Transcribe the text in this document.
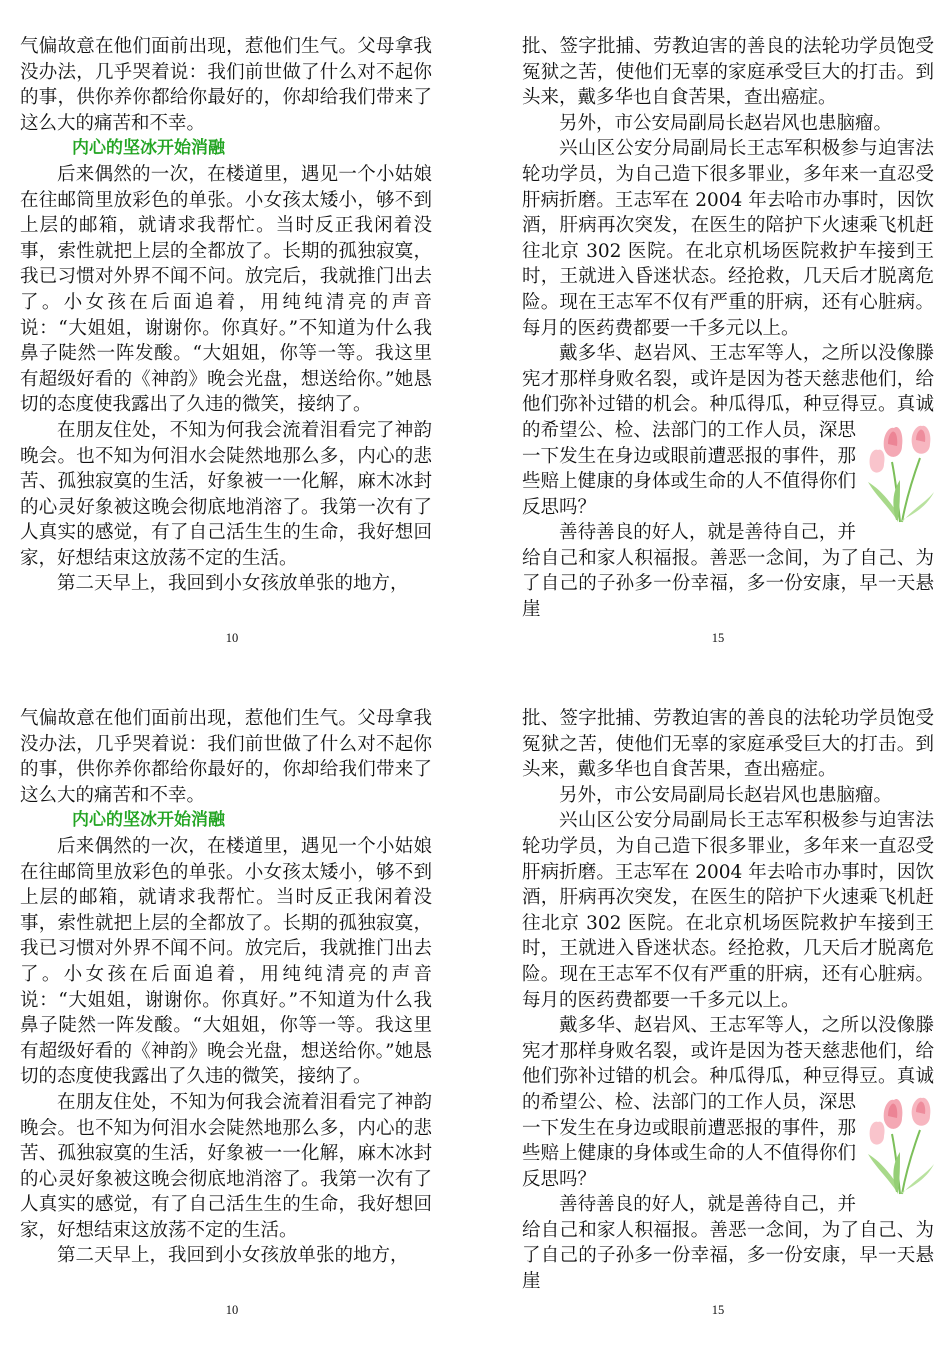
气偏故意在他们面前出现，惹他们生气。父母拿我没办法，几乎哭着说：我们前世做了什么对不起你的事，供你养你都给你最好的，你却给我们带来了这么大的痛苦和不幸。

内心的坚冰开始消融

后来偶然的一次，在楼道里，遇见一个小姑娘在往邮筒里放彩色的单张。小女孩太矮小，够不到上层的邮箱，就请求我帮忙。当时反正我闲着没事，索性就把上层的全都放了。长期的孤独寂寞，我已习惯对外界不闻不问。放完后，我就推门出去了。小女孩在后面追着，用纯纯清亮的声音说：“大姐姐，谢谢你。你真好。”不知道为什么我鼻子陡然一阵发酸。“大姐姐，你等一等。我这里有超级好看的《神韵》晚会光盘，想送给你。”她恳切的态度使我露出了久违的微笑，接纳了。

在朋友住处，不知为何我会流着泪看完了神韵晚会。也不知为何泪水会陡然地那么多，内心的悲苦、孤独寂寞的生活，好象被一一化解，麻木冰封的心灵好象被这晚会彻底地消溶了。我第一次有了人真实的感觉，有了自己活生生的生命，我好想回家，好想结束这放荡不定的生活。

第二天早上，我回到小女孩放单张的地方，

10

批、签字批捕、劳教迫害的善良的法轮功学员饱受冤狱之苦，使他们无辜的家庭承受巨大的打击。到头来，戴多华也自食苦果，查出癌症。

另外，市公安局副局长赵岩风也患脑瘤。

兴山区公安分局副局长王志军积极参与迫害法轮功学员，为自己造下很多罪业，多年来一直忍受肝病折磨。王志军在 2004 年去哈市办事时，因饮酒，肝病再次突发，在医生的陪护下火速乘飞机赶往北京 302 医院。在北京机场医院救护车接到王时，王就进入昏迷状态。经抢救，几天后才脱离危险。现在王志军不仅有严重的肝病，还有心脏病。每月的医药费都要一千多元以上。

戴多华、赵岩风、王志军等人，之所以没像滕宪才那样身败名裂，或许是因为苍天慈悲他们，给他们弥补过错的机会。种瓜得瓜，种豆得豆。真诚的希
望公、检、法部门的工作人员，深思一下发生在身边或眼前遭恶报的事件，那些赔上健康的身体或生命的人不值得你们反思吗？

善待善良的好人，就是善待自己，并给自己和家人积福报。善恶一念间，为了自己、为了自己的子孙多一份幸福，多一份安康，早一天悬崖

15

气偏故意在他们面前出现，惹他们生气。父母拿我没办法，几乎哭着说：我们前世做了什么对不起你的事，供你养你都给你最好的，你却给我们带来了这么大的痛苦和不幸。

内心的坚冰开始消融

后来偶然的一次，在楼道里，遇见一个小姑娘在往邮筒里放彩色的单张。小女孩太矮小，够不到上层的邮箱，就请求我帮忙。当时反正我闲着没事，索性就把上层的全都放了。长期的孤独寂寞，我已习惯对外界不闻不问。放完后，我就推门出去了。小女孩在后面追着，用纯纯清亮的声音说：“大姐姐，谢谢你。你真好。”不知道为什么我鼻子陡然一阵发酸。“大姐姐，你等一等。我这里有超级好看的《神韵》晚会光盘，想送给你。”她恳切的态度使我露出了久违的微笑，接纳了。

在朋友住处，不知为何我会流着泪看完了神韵晚会。也不知为何泪水会陡然地那么多，内心的悲苦、孤独寂寞的生活，好象被一一化解，麻木冰封的心灵好象被这晚会彻底地消溶了。我第一次有了人真实的感觉，有了自己活生生的生命，我好想回家，好想结束这放荡不定的生活。

第二天早上，我回到小女孩放单张的地方，

10

批、签字批捕、劳教迫害的善良的法轮功学员饱受冤狱之苦，使他们无辜的家庭承受巨大的打击。到头来，戴多华也自食苦果，查出癌症。

另外，市公安局副局长赵岩风也患脑瘤。

兴山区公安分局副局长王志军积极参与迫害法轮功学员，为自己造下很多罪业，多年来一直忍受肝病折磨。王志军在 2004 年去哈市办事时，因饮酒，肝病再次突发，在医生的陪护下火速乘飞机赶往北京 302 医院。在北京机场医院救护车接到王时，王就进入昏迷状态。经抢救，几天后才脱离危险。现在王志军不仅有严重的肝病，还有心脏病。每月的医药费都要一千多元以上。

戴多华、赵岩风、王志军等人，之所以没像滕宪才那样身败名裂，或许是因为苍天慈悲他们，给他们弥补过错的机会。种瓜得瓜，种豆得豆。真诚的希
望公、检、法部门的工作人员，深思一下发生在身边或眼前遭恶报的事件，那些赔上健康的身体或生命的人不值得你们反思吗？

善待善良的好人，就是善待自己，并给自己和家人积福报。善恶一念间，为了自己、为了自己的子孙多一份幸福，多一份安康，早一天悬崖

15
